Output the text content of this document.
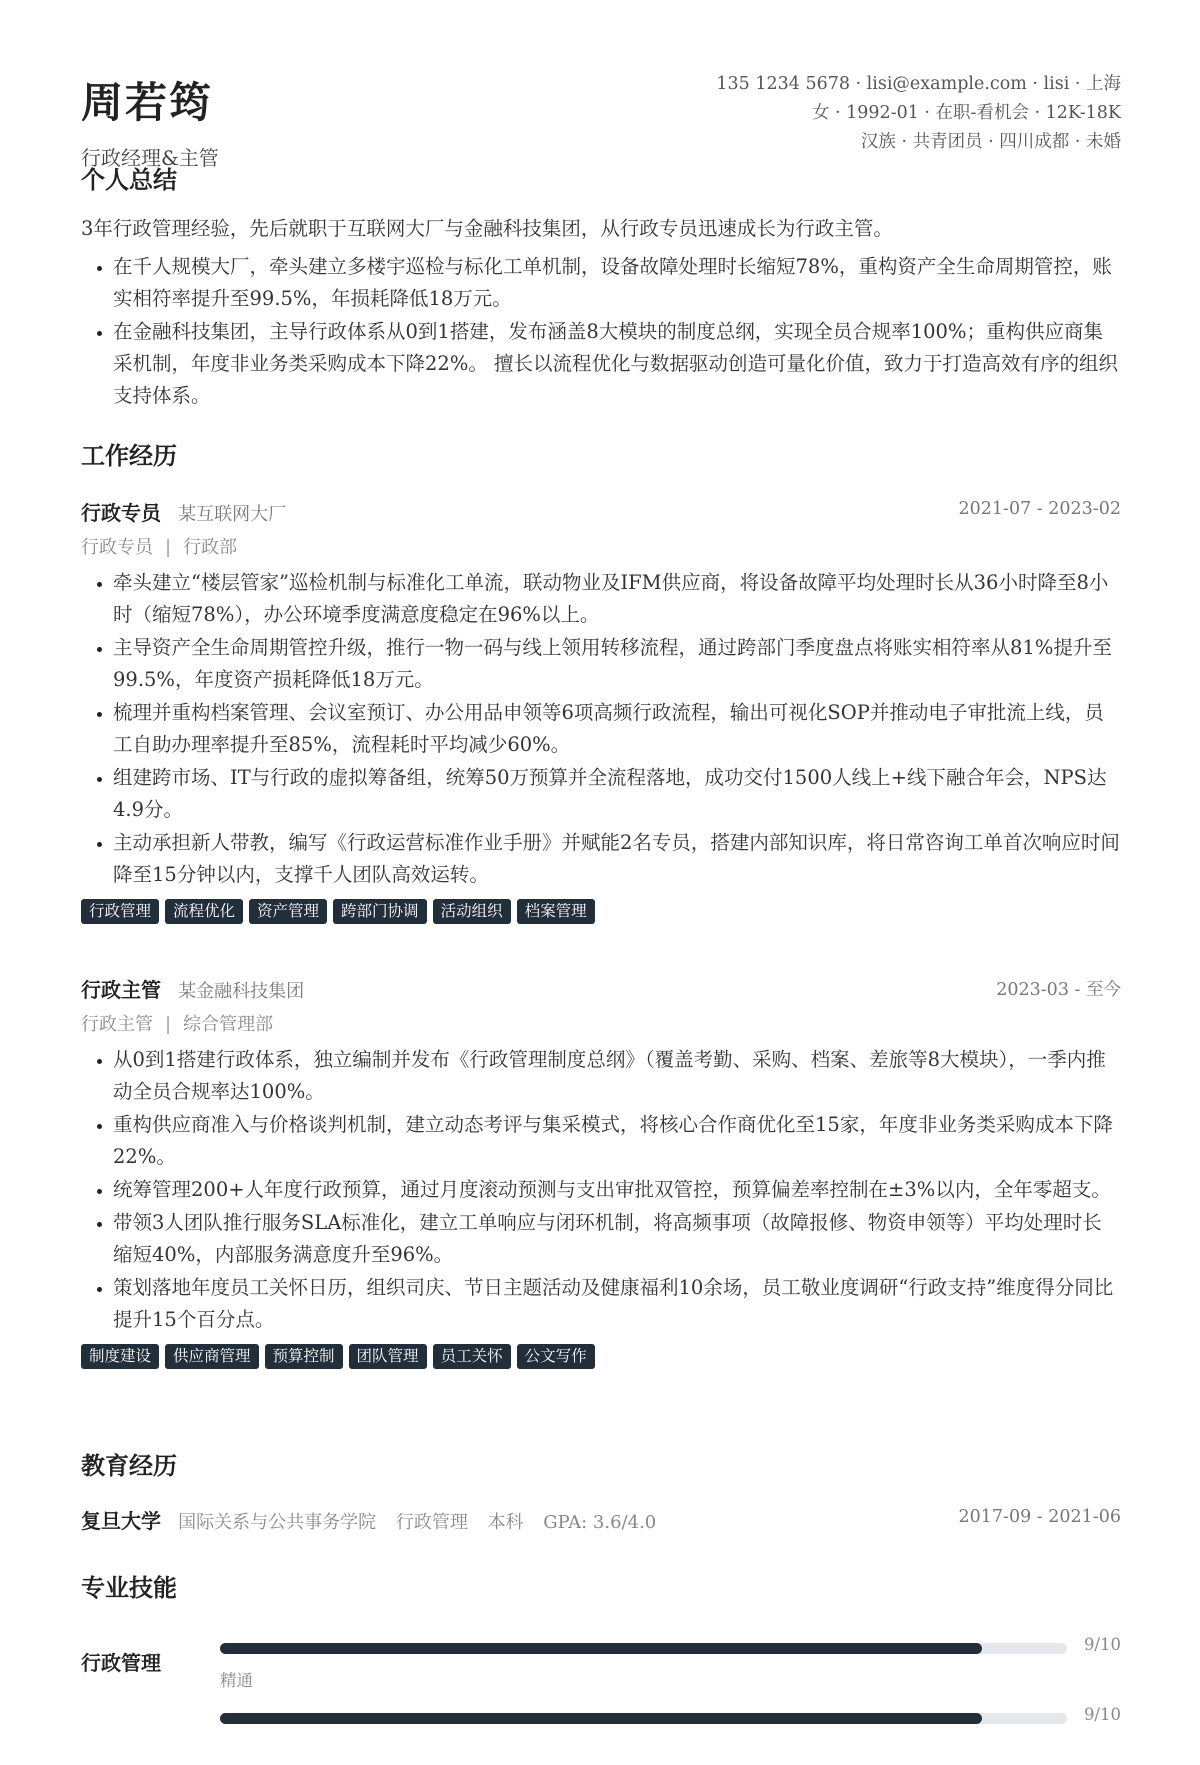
周若筠
行政经理&主管
135 1234 5678 · lisi@example.com · lisi · 上海
女 · 1992-01 · 在职-看机会 · 12K-18K
汉族 · 共青团员 · 四川成都 · 未婚
个人总结
3年行政管理经验，先后就职于互联网大厂与金融科技集团，从行政专员迅速成长为行政主管。
• 在千人规模大厂，牵头建立多楼宇巡检与标化工单机制，设备故障处理时长缩短78%，重构资产全生命周期管控，账实相符率提升至99.5%，年损耗降低18万元。
• 在金融科技集团，主导行政体系从0到1搭建，发布涵盖8大模块的制度总纲，实现全员合规率100%；重构供应商集采机制，年度非业务类采购成本下降22%。 擅长以流程优化与数据驱动创造可量化价值，致力于打造高效有序的组织支持体系。
工作经历
行政专员 某互联网大厂	2021-07 - 2023-02
行政专员 | 行政部
• 牵头建立“楼层管家”巡检机制与标准化工单流，联动物业及IFM供应商，将设备故障平均处理时长从36小时降至8小时（缩短78%），办公环境季度满意度稳定在96%以上。
• 主导资产全生命周期管控升级，推行一物一码与线上领用转移流程，通过跨部门季度盘点将账实相符率从81%提升至99.5%，年度资产损耗降低18万元。
• 梳理并重构档案管理、会议室预订、办公用品申领等6项高频行政流程，输出可视化SOP并推动电子审批流上线，员工自助办理率提升至85%，流程耗时平均减少60%。
• 组建跨市场、IT与行政的虚拟筹备组，统筹50万预算并全流程落地，成功交付1500人线上+线下融合年会，NPS达4.9分。
• 主动承担新人带教，编写《行政运营标准作业手册》并赋能2名专员，搭建内部知识库，将日常咨询工单首次响应时间降至15分钟以内，支撑千人团队高效运转。
行政管理	流程优化	资产管理	跨部门协调	活动组织	档案管理
行政主管 某金融科技集团	2023-03 - 至今
行政主管 | 综合管理部
• 从0到1搭建行政体系，独立编制并发布《行政管理制度总纲》（覆盖考勤、采购、档案、差旅等8大模块），一季内推动全员合规率达100%。
• 重构供应商准入与价格谈判机制，建立动态考评与集采模式，将核心合作商优化至15家，年度非业务类采购成本下降22%。
• 统筹管理200+人年度行政预算，通过月度滚动预测与支出审批双管控，预算偏差率控制在±3%以内，全年零超支。
• 带领3人团队推行服务SLA标准化，建立工单响应与闭环机制，将高频事项（故障报修、物资申领等）平均处理时长缩短40%，内部服务满意度升至96%。
• 策划落地年度员工关怀日历，组织司庆、节日主题活动及健康福利10余场，员工敬业度调研“行政支持”维度得分同比提升15个百分点。
制度建设	供应商管理	预算控制	团队管理	员工关怀	公文写作
教育经历
复旦大学 国际关系与公共事务学院 行政管理 本科 GPA: 3.6/4.0	2017-09 - 2021-06
专业技能
行政管理
9/10
精通
9/10
